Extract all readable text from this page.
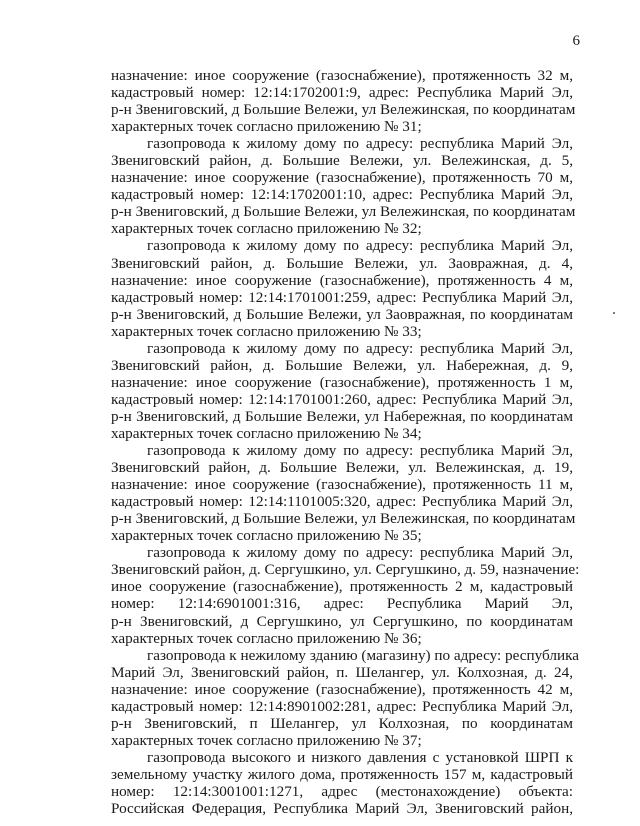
6
назначение: иное сооружение (газоснабжение), протяженность 32 м,
кадастровый номер: 12:14:1702001:9, адрес: Республика Марий Эл,
р-н Звениговский, д Большие Вележи, ул Вележинская, по координатам
характерных точек согласно приложению № 31;
газопровода к жилому дому по адресу: республика Марий Эл,
Звениговский район, д. Большие Вележи, ул. Вележинская, д. 5,
назначение: иное сооружение (газоснабжение), протяженность 70 м,
кадастровый номер: 12:14:1702001:10, адрес: Республика Марий Эл,
р-н Звениговский, д Большие Вележи, ул Вележинская, по координатам
характерных точек согласно приложению № 32;
газопровода к жилому дому по адресу: республика Марий Эл,
Звениговский район, д. Большие Вележи, ул. Заовражная, д. 4,
назначение: иное сооружение (газоснабжение), протяженность 4 м,
кадастровый номер: 12:14:1701001:259, адрес: Республика Марий Эл,
р-н Звениговский, д Большие Вележи, ул Заовражная, по координатам
характерных точек согласно приложению № 33;
газопровода к жилому дому по адресу: республика Марий Эл,
Звениговский район, д. Большие Вележи, ул. Набережная, д. 9,
назначение: иное сооружение (газоснабжение), протяженность 1 м,
кадастровый номер: 12:14:1701001:260, адрес: Республика Марий Эл,
р-н Звениговский, д Большие Вележи, ул Набережная, по координатам
характерных точек согласно приложению № 34;
газопровода к жилому дому по адресу: республика Марий Эл,
Звениговский район, д. Большие Вележи, ул. Вележинская, д. 19,
назначение: иное сооружение (газоснабжение), протяженность 11 м,
кадастровый номер: 12:14:1101005:320, адрес: Республика Марий Эл,
р-н Звениговский, д Большие Вележи, ул Вележинская, по координатам
характерных точек согласно приложению № 35;
газопровода к жилому дому по адресу: республика Марий Эл,
Звениговский район, д. Сергушкино, ул. Сергушкино, д. 59, назначение:
иное сооружение (газоснабжение), протяженность 2 м, кадастровый
номер: 12:14:6901001:316, адрес: Республика Марий Эл,
р-н Звениговский, д Сергушкино, ул Сергушкино, по координатам
характерных точек согласно приложению № 36;
газопровода к нежилому зданию (магазину) по адресу: республика
Марий Эл, Звениговский район, п. Шелангер, ул. Колхозная, д. 24,
назначение: иное сооружение (газоснабжение), протяженность 42 м,
кадастровый номер: 12:14:8901002:281, адрес: Республика Марий Эл,
р-н Звениговский, п Шелангер, ул Колхозная, по координатам
характерных точек согласно приложению № 37;
газопровода высокого и низкого давления с установкой ШРП к
земельному участку жилого дома, протяженность 157 м, кадастровый
номер: 12:14:3001001:1271, адрес (местонахождение) объекта:
Российская Федерация, Республика Марий Эл, Звениговский район,
